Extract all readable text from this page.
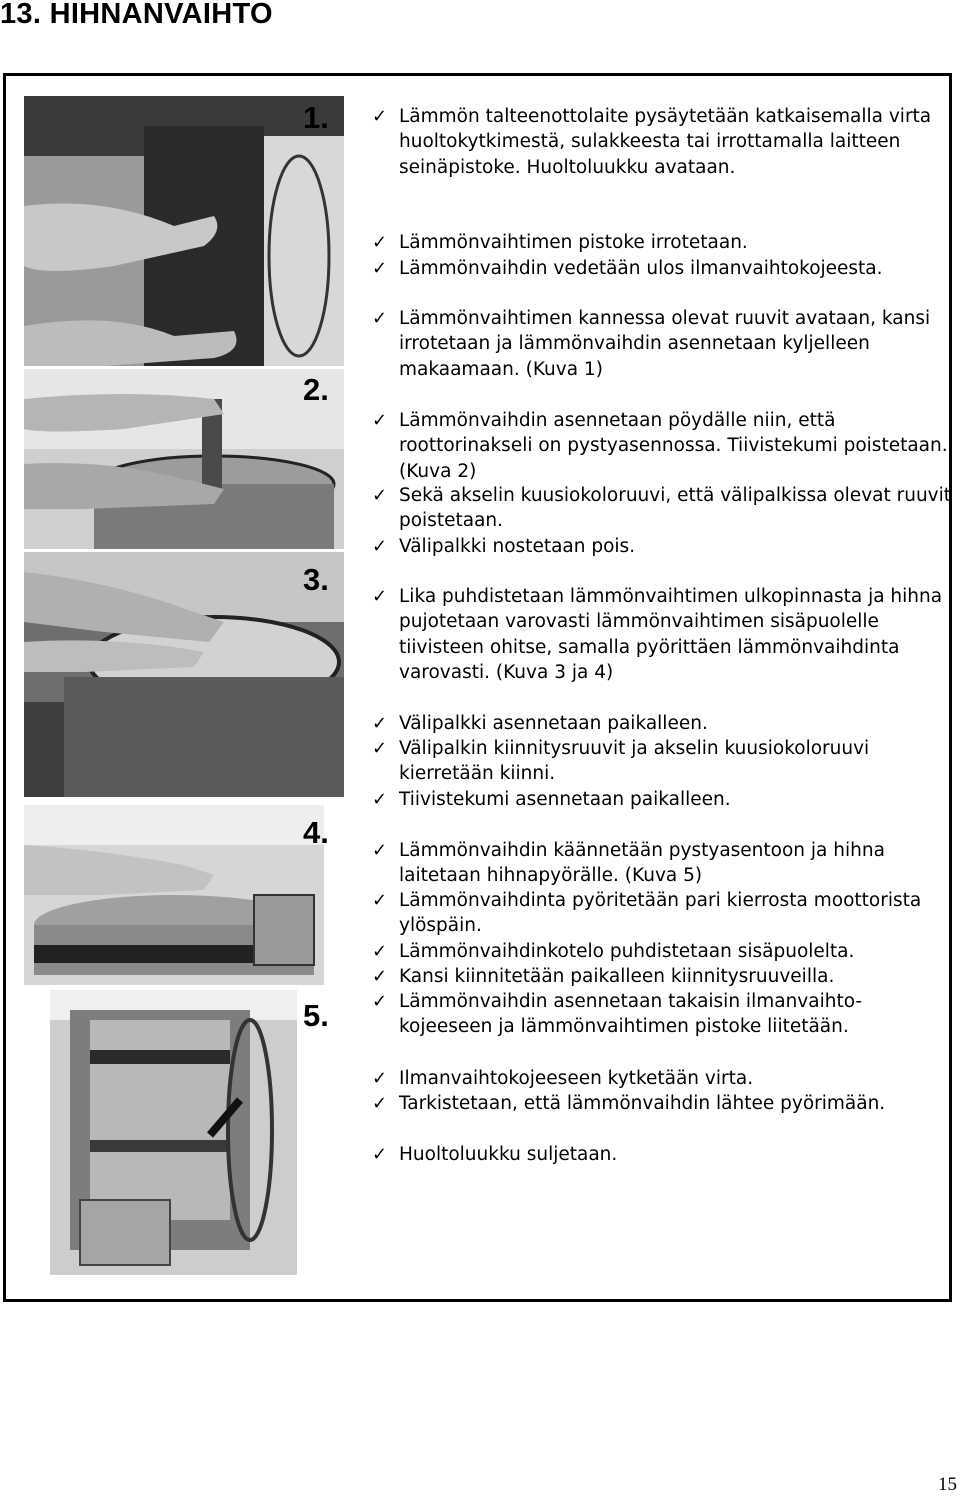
13. HIHNANVAIHTO
1.
2.
3.
4.
5.
✓ Lämmön talteenottolaite pysäytetään katkaisemalla virta huoltokytkimestä, sulakkeesta tai irrottamalla laitteen seinäpistoke. Huoltoluukku avataan.
✓ Lämmönvaihtimen pistoke irrotetaan.
✓ Lämmönvaihdin vedetään ulos ilmanvaihtokojeesta.
✓ Lämmönvaihtimen kannessa olevat ruuvit avataan, kansi irrotetaan ja lämmönvaihdin asennetaan kyljelleen makaamaan. (Kuva 1)
✓ Lämmönvaihdin asennetaan pöydälle niin, että roottorinakseli on pystyasennossa. Tiivistekumi poistetaan. (Kuva 2)
✓ Sekä akselin kuusiokoloruuvi, että välipalkissa olevat ruuvit poistetaan.
✓ Välipalkki nostetaan pois.
✓ Lika puhdistetaan lämmönvaihtimen ulkopinnasta ja hihna pujotetaan varovasti lämmönvaihtimen sisäpuolelle tiivisteen ohitse, samalla pyörittäen lämmönvaihdinta varovasti. (Kuva 3 ja 4)
✓ Välipalkki asennetaan paikalleen.
✓ Välipalkin kiinnitysruuvit ja akselin kuusiokoloruuvi kierretään kiinni.
✓ Tiivistekumi asennetaan paikalleen.
✓ Lämmönvaihdin käännetään pystyasentoon ja hihna laitetaan hihnapyörälle. (Kuva 5)
✓ Lämmönvaihdinta pyöritetään pari kierrosta moottorista ylöspäin.
✓ Lämmönvaihdinkotelo puhdistetaan sisäpuolelta.
✓ Kansi kiinnitetään paikalleen kiinnitysruuveilla.
✓ Lämmönvaihdin asennetaan takaisin ilmanvaihto-kojeeseen ja lämmönvaihtimen pistoke liitetään.
✓ Ilmanvaihtokojeeseen kytketään virta.
✓ Tarkistetaan, että lämmönvaihdin lähtee pyörimään.
✓ Huoltoluukku suljetaan.
15
